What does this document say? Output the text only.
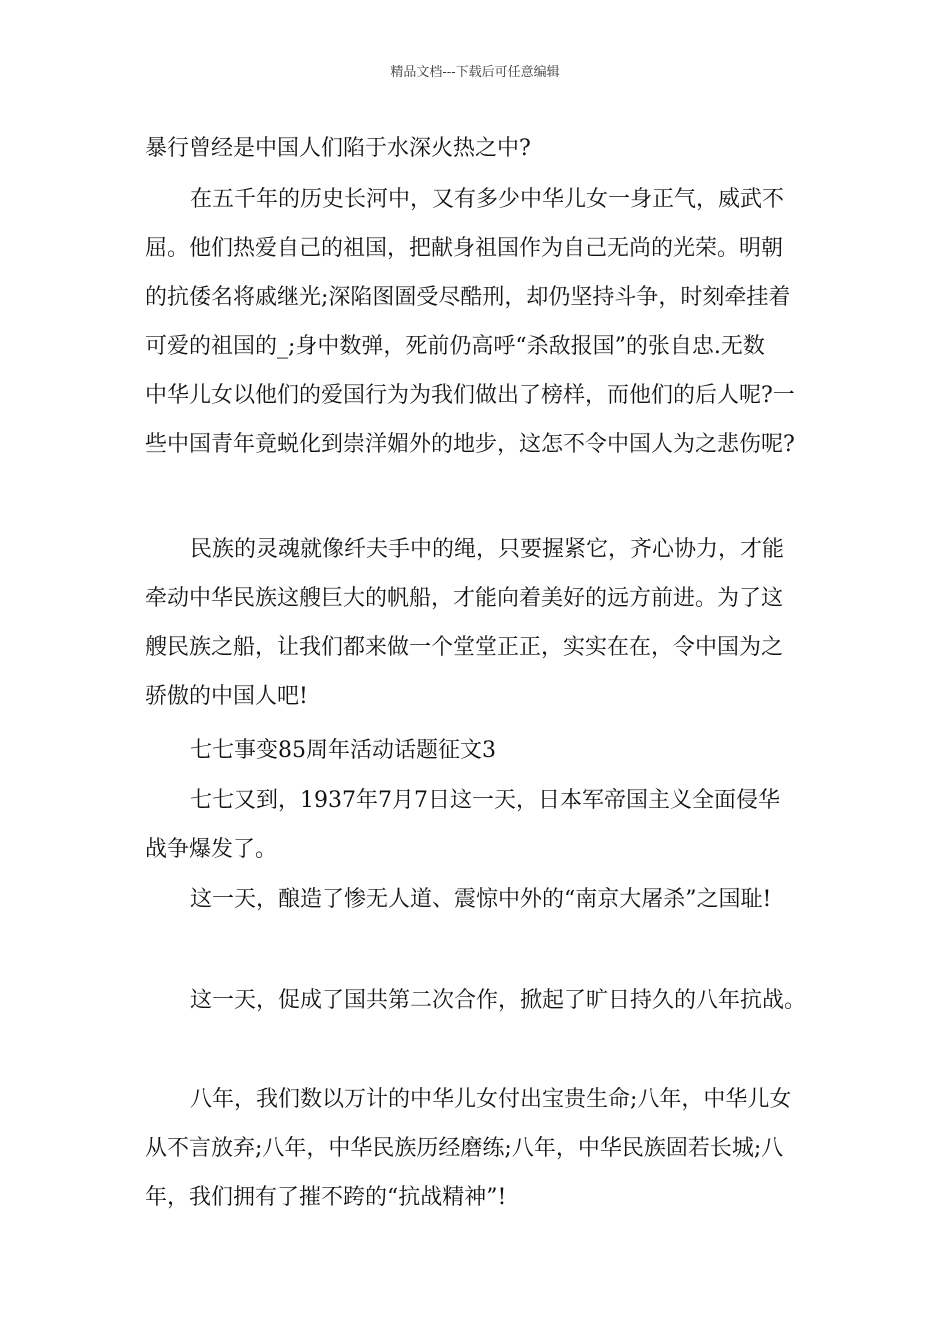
精品文档---下载后可任意编辑
暴行曾经是中国人们陷于水深火热之中?
在五千年的历史长河中，又有多少中华儿女一身正气，威武不
屈。他们热爱自己的祖国，把献身祖国作为自己无尚的光荣。明朝
的抗倭名将戚继光;深陷图圄受尽酷刑，却仍坚持斗争，时刻牵挂着
可爱的祖国的_;身中数弹，死前仍高呼“杀敌报国”的张自忠.无数
中华儿女以他们的爱国行为为我们做出了榜样，而他们的后人呢?一
些中国青年竟蜕化到崇洋媚外的地步，这怎不令中国人为之悲伤呢?
民族的灵魂就像纤夫手中的绳，只要握紧它，齐心协力，才能
牵动中华民族这艘巨大的帆船，才能向着美好的远方前进。为了这
艘民族之船，让我们都来做一个堂堂正正，实实在在，令中国为之
骄傲的中国人吧!
七七事变85周年活动话题征文3
七七又到，1937年7月7日这一天，日本军帝国主义全面侵华
战争爆发了。
这一天，酿造了惨无人道、震惊中外的“南京大屠杀”之国耻!
这一天，促成了国共第二次合作，掀起了旷日持久的八年抗战。
八年，我们数以万计的中华儿女付出宝贵生命;八年，中华儿女
从不言放弃;八年，中华民族历经磨练;八年，中华民族固若长城;八
年，我们拥有了摧不跨的“抗战精神”!
